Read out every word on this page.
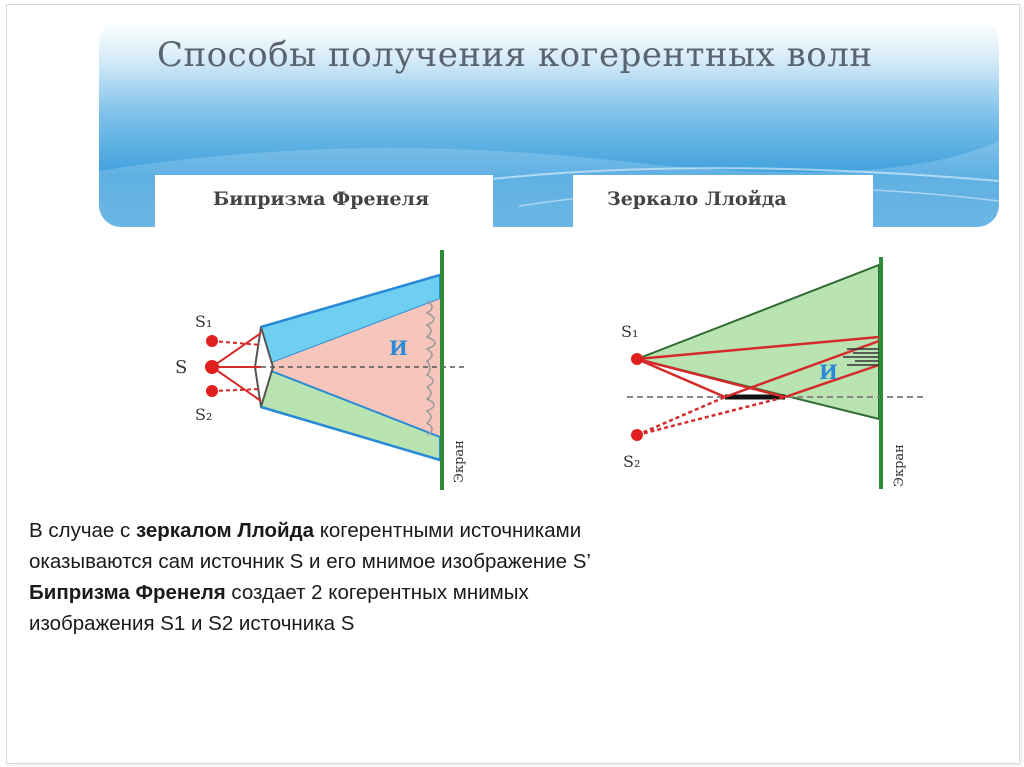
Способы получения когерентных волн
Бипризма Френеля	Зеркало Ллойда
S₁
S
S₂
И
Экран
S₁
S₂
И
Экран

В случае с зеркалом Ллойда когерентными источниками

оказываются сам источник S и его мнимое изображение S’

Бипризма Френеля создает 2 когерентных мнимых

изображения S1 и S2 источника S
